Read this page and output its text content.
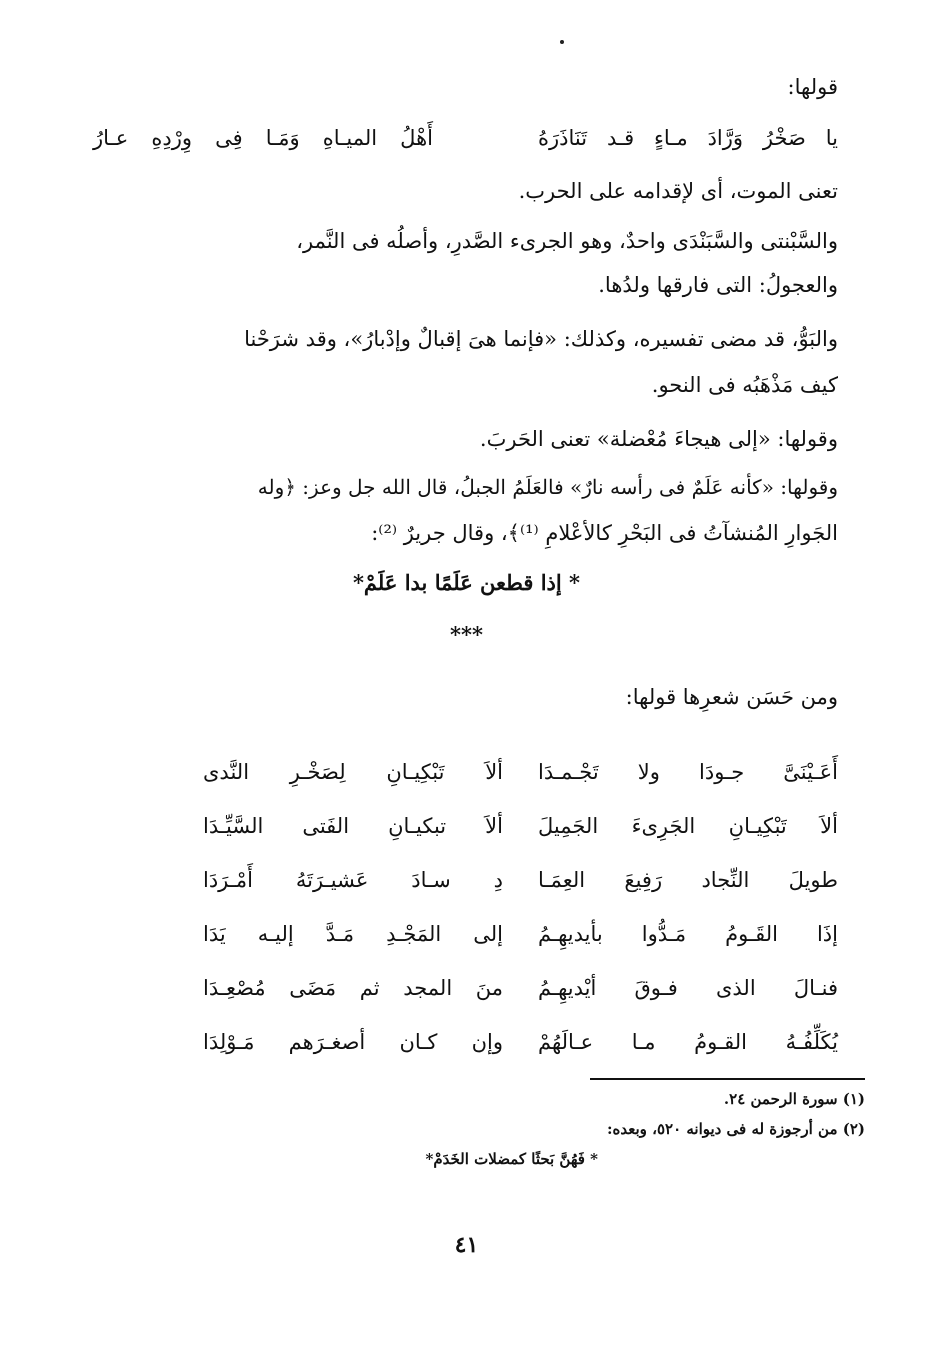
قولها:
يا صَخْرُ وَرَّادَ مـاءٍ قـد تَنَاذَرَهُ
أَهْلُ الميـاهِ وَمَـا فِى وِرْدِهِ عـارُ
تعنى الموت، أى لإقدامه على الحرب.
والسَّبْنتى والسَّبَنْدَى واحدٌ، وهو الجرىء الصَّدرِ، وأصلُه فى النَّمر،
والعجولُ: التى فارقها ولدُها.
والبَوُّ، قد مضى تفسيره، وكذلك: «فإنما هىَ إقبالٌ وإدْبارُ»، وقد شرَحْنا
كيف مَذْهَبُه فى النحو.
وقولها: «إلى هيجاءَ مُعْضلة» تعنى الحَربَ.
وقولها: «كأنه عَلَمٌ فى رأسه نارٌ» فالعَلَمُ الجبلُ، قال الله جل وعز: ﴿وله
الجَوارِ المُنشآتُ فى البَحْرِ كالأعْلامِ ⁽¹⁾﴾، وقال جريرٌ ⁽²⁾:
* إذا قطعن عَلَمًا بدا عَلَمْ*
***
ومن حَسَن شعرِها قولها:
أَعَـيْنَىَّ جـودَا ولا تَجْـمـدَا
ألاَ تَبْكِيـانِ لِصَخْـرِ النَّدى
ألاَ تَبْكِيـانِ الجَرِىءَ الجَمِيلَ
ألاَ تبكيـانِ الفَتى السَّيِّـدَا
طويلَ النِّجاد رَفِيعَ العِمَـا
دِ سـادَ عَشيـرَتَهُ أَمْـرَدَا
إذَا القَـومُ مَـدُّوا بأيديهِـمُ
إلى المَجْـدِ مَـدَّ إليـه يَدَا
فنـالَ الذى فـوقَ أيْديهِـمُ
منَ المجد ثم مَضَى مُصْعِـدَا
يُكَلِّفُـهُ القـومُ مـا عـالَهُمْ
وإن كـان أصغـرَهم مَـوْلِدَا
(١) سورة الرحمن ٢٤.
(٢) من أرجوزة له فى ديوانه ٥٢٠، وبعده:
* فَهُنَّ بَحثًا كمضلات الخَدَمْ*
٤١
